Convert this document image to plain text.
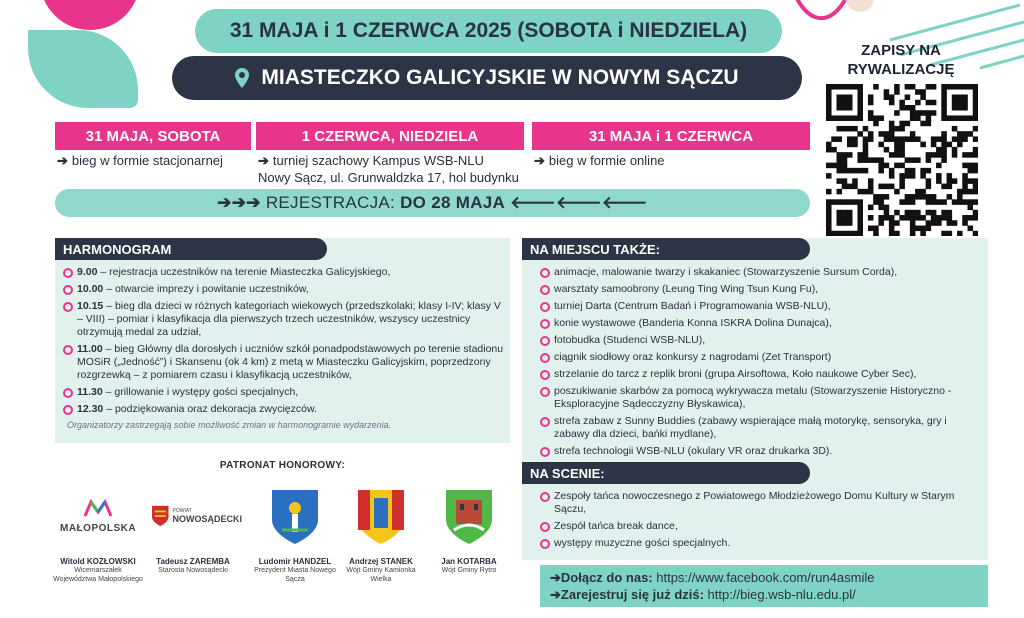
31 MAJA i 1 CZERWCA 2025 (SOBOTA i NIEDZIELA)
MIASTECZKO GALICYJSKIE W NOWYM SĄCZU
ZAPISY NA
RYWALIZACJĘ
31 MAJA, SOBOTA
➔ bieg w formie stacjonarnej
1 CZERWCA, NIEDZIELA
➔ turniej szachowy Kampus WSB-NLU
Nowy Sącz, ul. Grunwaldzka 17, hol budynku
31 MAJA i 1 CZERWCA
➔ bieg w formie online
➔➔➔
REJESTRACJA:
DO 28 MAJA
🡐🡐🡐
HARMONOGRAM
9.00 – rejestracja uczestników na terenie Miasteczka Galicyjskiego,
10.00 – otwarcie imprezy i powitanie uczestników,
10.15 – bieg dla dzieci w różnych kategoriach wiekowych (przedszkolaki; klasy I-IV; klasy V – VIII) – pomiar i klasyfikacja dla pierwszych trzech uczestników, wszyscy uczestnicy otrzymują medal za udział,
11.00 – bieg Główny dla dorosłych i uczniów szkół ponadpodstawowych po terenie stadionu MOSiR („Jedność”) i Skansenu (ok 4 km) z metą w Miasteczku Galicyjskim, poprzedzony rozgrzewką – z pomiarem czasu i klasyfikacją uczestników,
11.30 – grillowanie i występy gości specjalnych,
12.30 – podziękowania oraz dekoracja zwycięzców.
Organizatorzy zastrzegają sobie możliwość zmian w harmonogramie wydarzenia.
NA MIEJSCU TAKŻE:
animacje, malowanie twarzy i skakaniec (Stowarzyszenie Sursum Corda),
warsztaty samoobrony (Leung Ting Wing Tsun Kung Fu),
turniej Darta (Centrum Badań i Programowania WSB-NLU),
konie wystawowe (Banderia Konna ISKRA Dolina Dunajca),
fotobudka (Studenci WSB-NLU),
ciągnik siodłowy oraz konkursy z nagrodami (Zet Transport)
strzelanie do tarcz z replik broni (grupa Airsoftowa, Koło naukowe Cyber Sec),
poszukiwanie skarbów za pomocą wykrywacza metalu (Stowarzyszenie Historyczno - Eksploracyjne Sądecczyzny Błyskawica),
strefa zabaw z Sunny Buddies (zabawy wspierające małą motorykę, sensoryka, gry i zabawy dla dzieci, bańki mydlane),
strefa technologii WSB-NLU (okulary VR oraz drukarka 3D).
NA SCENIE:
Zespoły tańca nowoczesnego z Powiatowego Młodzieżowego Domu Kultury w Starym Sączu,
Zespół tańca break dance,
występy muzyczne gości specjalnych.
➔Dołącz do nas: https://www.facebook.com/run4asmile
➔Zarejestruj się już dziś: http://bieg.wsb-nlu.edu.pl/
PATRONAT HONOROWY:
MAŁOPOLSKA
POWIAT
NOWOSĄDECKI
Witold KOZŁOWSKI
Wicemarszałek Województwa Małopolskiego
Tadeusz ZAREMBA
Starosta Nowosądecki
Ludomir HANDZEL
Prezydent Miasta Nowego Sącza
Andrzej STANEK
Wójt Gminy Kamionka Wielka
Jan KOTARBA
Wójt Gminy Rytro
